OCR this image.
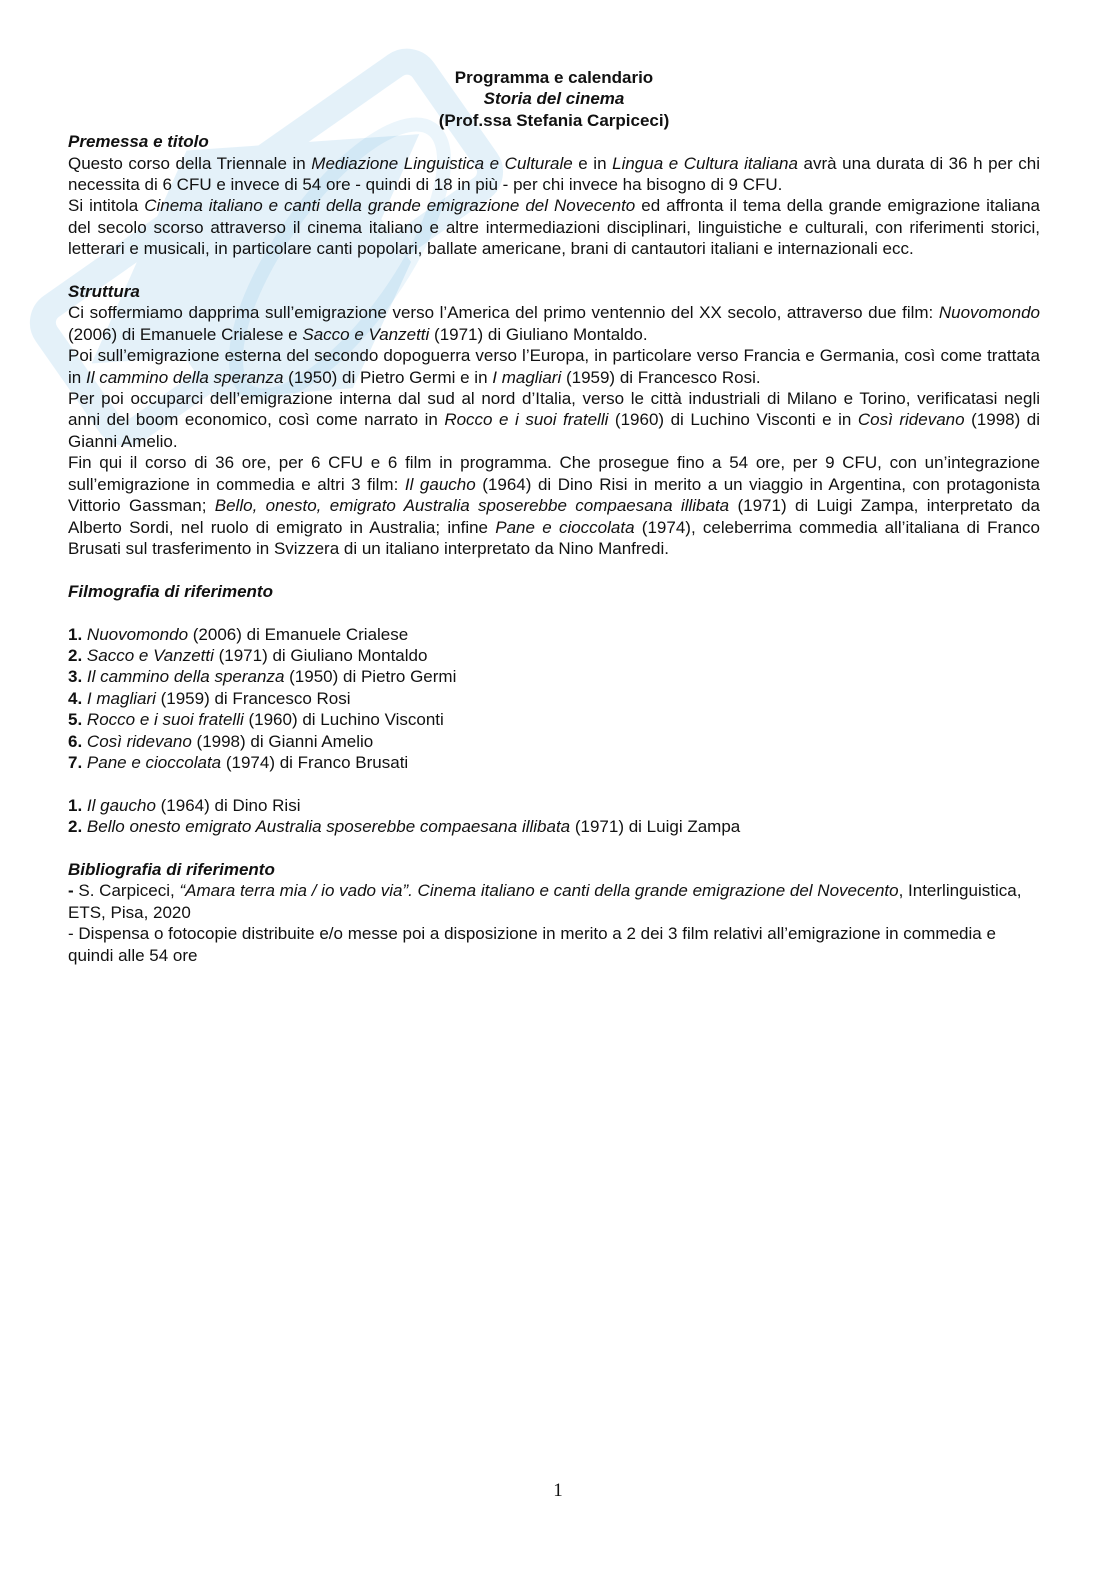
Programma e calendario
Storia del cinema
(Prof.ssa Stefania Carpiceci)
Premessa e titolo

Questo corso della Triennale in Mediazione Linguistica e Culturale e in Lingua e Cultura italiana avrà una durata di 36 h per chi necessita di 6 CFU e invece di 54 ore - quindi di 18 in più - per chi invece ha bisogno di 9 CFU.

Si intitola Cinema italiano e canti della grande emigrazione del Novecento ed affronta il tema della grande emigrazione italiana del secolo scorso attraverso il cinema italiano e altre intermediazioni disciplinari, linguistiche e culturali, con riferimenti storici, letterari e musicali, in particolare canti popolari, ballate americane, brani di cantautori italiani e internazionali ecc.

Struttura

Ci soffermiamo dapprima sull’emigrazione verso l’America del primo ventennio del XX secolo, attraverso due film: Nuovomondo (2006) di Emanuele Crialese e Sacco e Vanzetti (1971) di Giuliano Montaldo.

Poi sull’emigrazione esterna del secondo dopoguerra verso l’Europa, in particolare verso Francia e Germania, così come trattata in Il cammino della speranza (1950) di Pietro Germi e in I magliari (1959) di Francesco Rosi.

Per poi occuparci dell’emigrazione interna dal sud al nord d’Italia, verso le città industriali di Milano e Torino, verificatasi negli anni del boom economico, così come narrato in Rocco e i suoi fratelli (1960) di Luchino Visconti e in Così ridevano (1998) di Gianni Amelio.

Fin qui il corso di 36 ore, per 6 CFU e 6 film in programma. Che prosegue fino a 54 ore, per 9 CFU, con un’integrazione sull’emigrazione in commedia e altri 3 film: Il gaucho (1964) di Dino Risi in merito a un viaggio in Argentina, con protagonista Vittorio Gassman; Bello, onesto, emigrato Australia sposerebbe compaesana illibata (1971) di Luigi Zampa, interpretato da Alberto Sordi, nel ruolo di emigrato in Australia; infine Pane e cioccolata (1974), celeberrima commedia all’italiana di Franco Brusati sul trasferimento in Svizzera di un italiano interpretato da Nino Manfredi.

Filmografia di riferimento
1. Nuovomondo (2006) di Emanuele Crialese
2. Sacco e Vanzetti (1971) di Giuliano Montaldo
3. Il cammino della speranza (1950) di Pietro Germi
4. I magliari (1959) di Francesco Rosi
5. Rocco e i suoi fratelli (1960) di Luchino Visconti
6. Così ridevano (1998) di Gianni Amelio
7. Pane e cioccolata (1974) di Franco Brusati
1. Il gaucho (1964) di Dino Risi
2. Bello onesto emigrato Australia sposerebbe compaesana illibata (1971) di Luigi Zampa
Bibliografia di riferimento
- S. Carpiceci, “Amara terra mia / io vado via”. Cinema italiano e canti della grande emigrazione del Novecento, Interlinguistica, ETS, Pisa, 2020
- Dispensa o fotocopie distribuite e/o messe poi a disposizione in merito a 2 dei 3 film relativi all’emigrazione in commedia e quindi alle 54 ore
1
